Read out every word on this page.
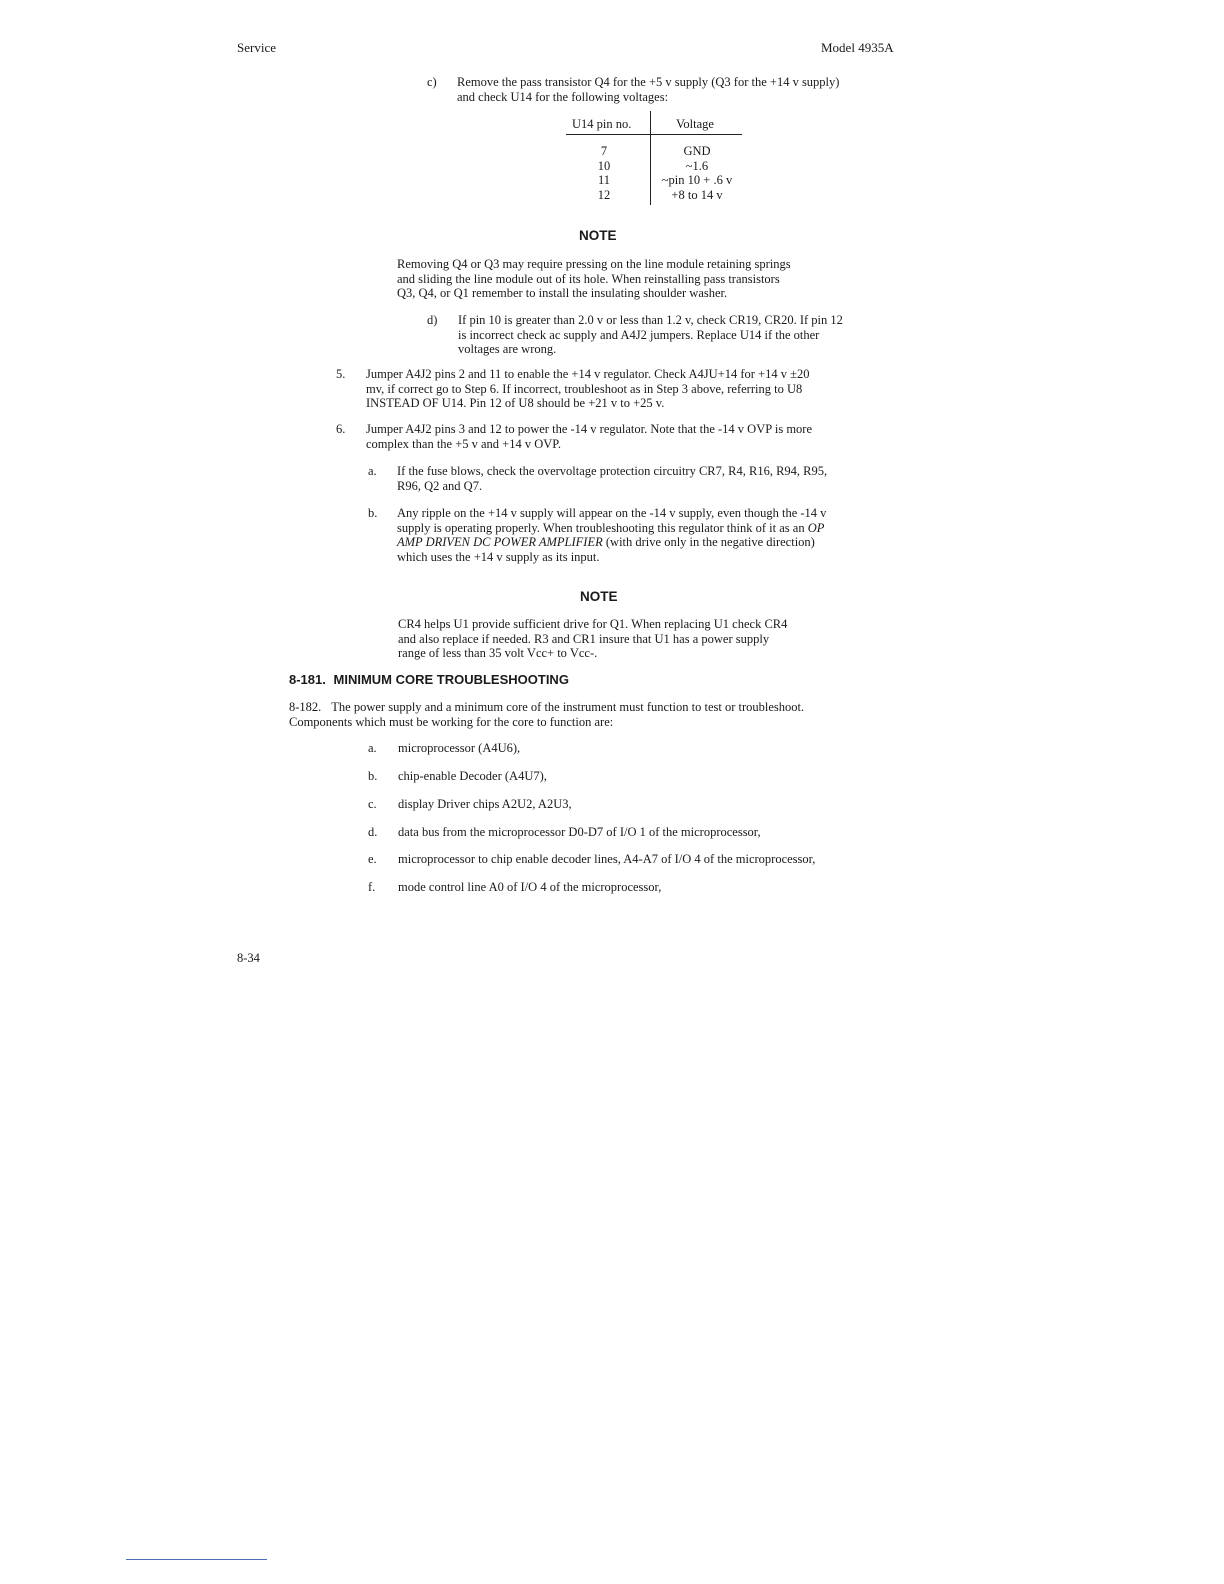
Service	Model 4935A
c) Remove the pass transistor Q4 for the +5 v supply (Q3 for the +14 v supply)
and check U14 for the following voltages:
U14 pin no.	Voltage
7
10
11
12
GND
~1.6
~pin 10 + .6 v
+8 to 14 v
NOTE
Removing Q4 or Q3 may require pressing on the line module retaining springs
and sliding the line module out of its hole. When reinstalling pass transistors
Q3, Q4, or Q1 remember to install the insulating shoulder washer.
d) If pin 10 is greater than 2.0 v or less than 1.2 v, check CR19, CR20. If pin 12
is incorrect check ac supply and A4J2 jumpers. Replace U14 if the other
voltages are wrong.
5. Jumper A4J2 pins 2 and 11 to enable the +14 v regulator. Check A4JU+14 for +14 v ±20
mv, if correct go to Step 6. If incorrect, troubleshoot as in Step 3 above, referring to U8
INSTEAD OF U14. Pin 12 of U8 should be +21 v to +25 v.
6. Jumper A4J2 pins 3 and 12 to power the -14 v regulator. Note that the -14 v OVP is more
complex than the +5 v and +14 v OVP.
a. If the fuse blows, check the overvoltage protection circuitry CR7, R4, R16, R94, R95,
R96, Q2 and Q7.
b. Any ripple on the +14 v supply will appear on the -14 v supply, even though the -14 v
supply is operating properly. When troubleshooting this regulator think of it as an OP
AMP DRIVEN DC POWER AMPLIFIER (with drive only in the negative direction)
which uses the +14 v supply as its input.
NOTE
CR4 helps U1 provide sufficient drive for Q1. When replacing U1 check CR4
and also replace if needed. R3 and CR1 insure that U1 has a power supply
range of less than 35 volt Vcc+ to Vcc-.
8-181. MINIMUM CORE TROUBLESHOOTING
8-182. The power supply and a minimum core of the instrument must function to test or troubleshoot.
Components which must be working for the core to function are:
a. microprocessor (A4U6),
b. chip-enable Decoder (A4U7),
c. display Driver chips A2U2, A2U3,
d. data bus from the microprocessor D0-D7 of I/O 1 of the microprocessor,
e. microprocessor to chip enable decoder lines, A4-A7 of I/O 4 of the microprocessor,
f. mode control line A0 of I/O 4 of the microprocessor,
8-34
